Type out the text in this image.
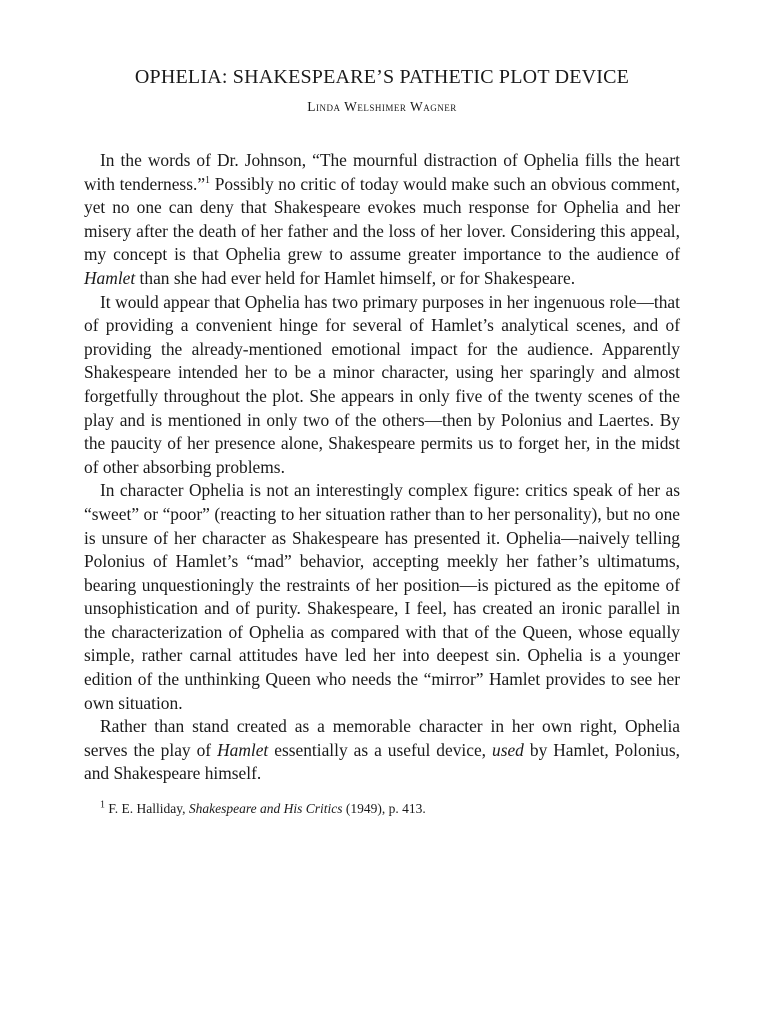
OPHELIA: SHAKESPEARE’S PATHETIC PLOT DEVICE
Linda Welshimer Wagner

In the words of Dr. Johnson, “The mournful distraction of Ophelia fills the heart with tenderness.”$^1$ Possibly no critic of today would make such an obvious comment, yet no one can deny that Shakespeare evokes much response for Ophelia and her misery after the death of her father and the loss of her lover. Considering this appeal, my concept is that Ophelia grew to assume greater importance to the audience of Hamlet than she had ever held for Hamlet himself, or for Shakespeare.

It would appear that Ophelia has two primary purposes in her ingenuous role—that of providing a convenient hinge for several of Hamlet’s analytical scenes, and of providing the already-mentioned emotional impact for the audience. Apparently Shakespeare intended her to be a minor character, using her sparingly and almost forgetfully throughout the plot. She appears in only five of the twenty scenes of the play and is mentioned in only two of the others—then by Polonius and Laertes. By the paucity of her presence alone, Shakespeare permits us to forget her, in the midst of other absorbing problems.

In character Ophelia is not an interestingly complex figure: critics speak of her as “sweet” or “poor” (reacting to her situation rather than to her personality), but no one is unsure of her character as Shakespeare has presented it. Ophelia—naively telling Polonius of Hamlet’s “mad” behavior, accepting meekly her father’s ultimatums, bearing unquestioningly the restraints of her position—is pictured as the epitome of unsophistication and of purity. Shakespeare, I feel, has created an ironic parallel in the characterization of Ophelia as compared with that of the Queen, whose equally simple, rather carnal attitudes have led her into deepest sin. Ophelia is a younger edition of the unthinking Queen who needs the “mirror” Hamlet provides to see her own situation.

Rather than stand created as a memorable character in her own right, Ophelia serves the play of Hamlet essentially as a useful device, used by Hamlet, Polonius, and Shakespeare himself.

$^1$ F. E. Halliday, Shakespeare and His Critics (1949), p. 413.
